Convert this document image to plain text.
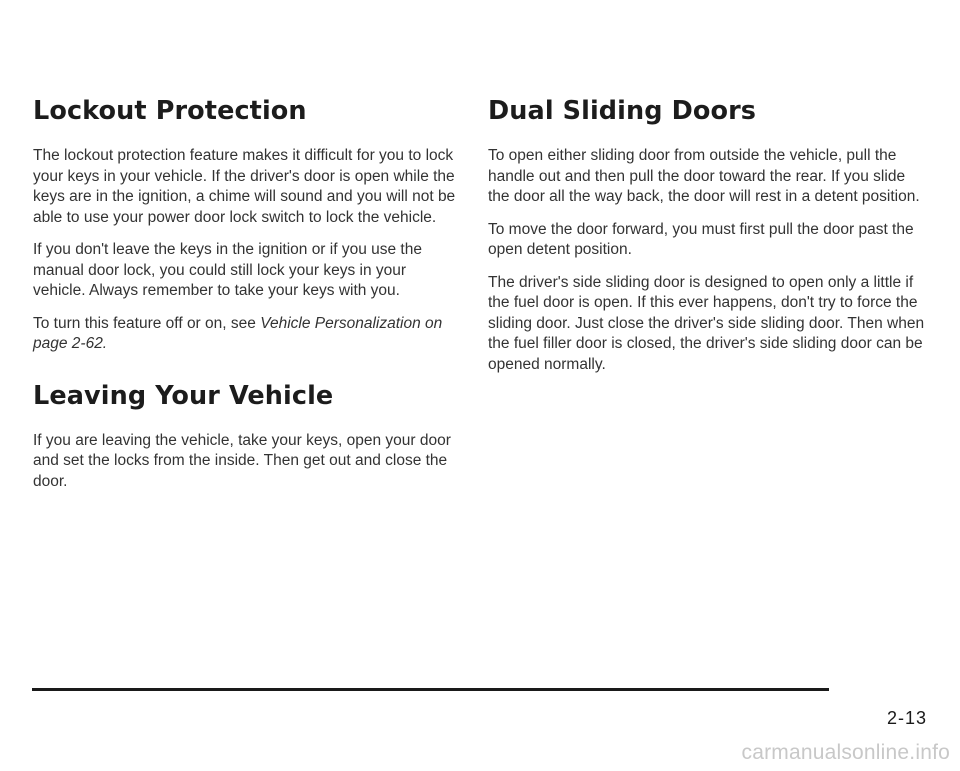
Lockout Protection

The lockout protection feature makes it difficult for you to lock your keys in your vehicle. If the driver's door is open while the keys are in the ignition, a chime will sound and you will not be able to use your power door lock switch to lock the vehicle.

If you don't leave the keys in the ignition or if you use the manual door lock, you could still lock your keys in your vehicle. Always remember to take your keys with you.

To turn this feature off or on, see Vehicle Personalization on page 2-62.

Leaving Your Vehicle

If you are leaving the vehicle, take your keys, open your door and set the locks from the inside. Then get out and close the door.

Dual Sliding Doors

To open either sliding door from outside the vehicle, pull the handle out and then pull the door toward the rear. If you slide the door all the way back, the door will rest in a detent position.

To move the door forward, you must first pull the door past the open detent position.

The driver's side sliding door is designed to open only a little if the fuel door is open. If this ever happens, don't try to force the sliding door. Just close the driver's side sliding door. Then when the fuel filler door is closed, the driver's side sliding door can be opened normally.

2-13
carmanualsonline.info
